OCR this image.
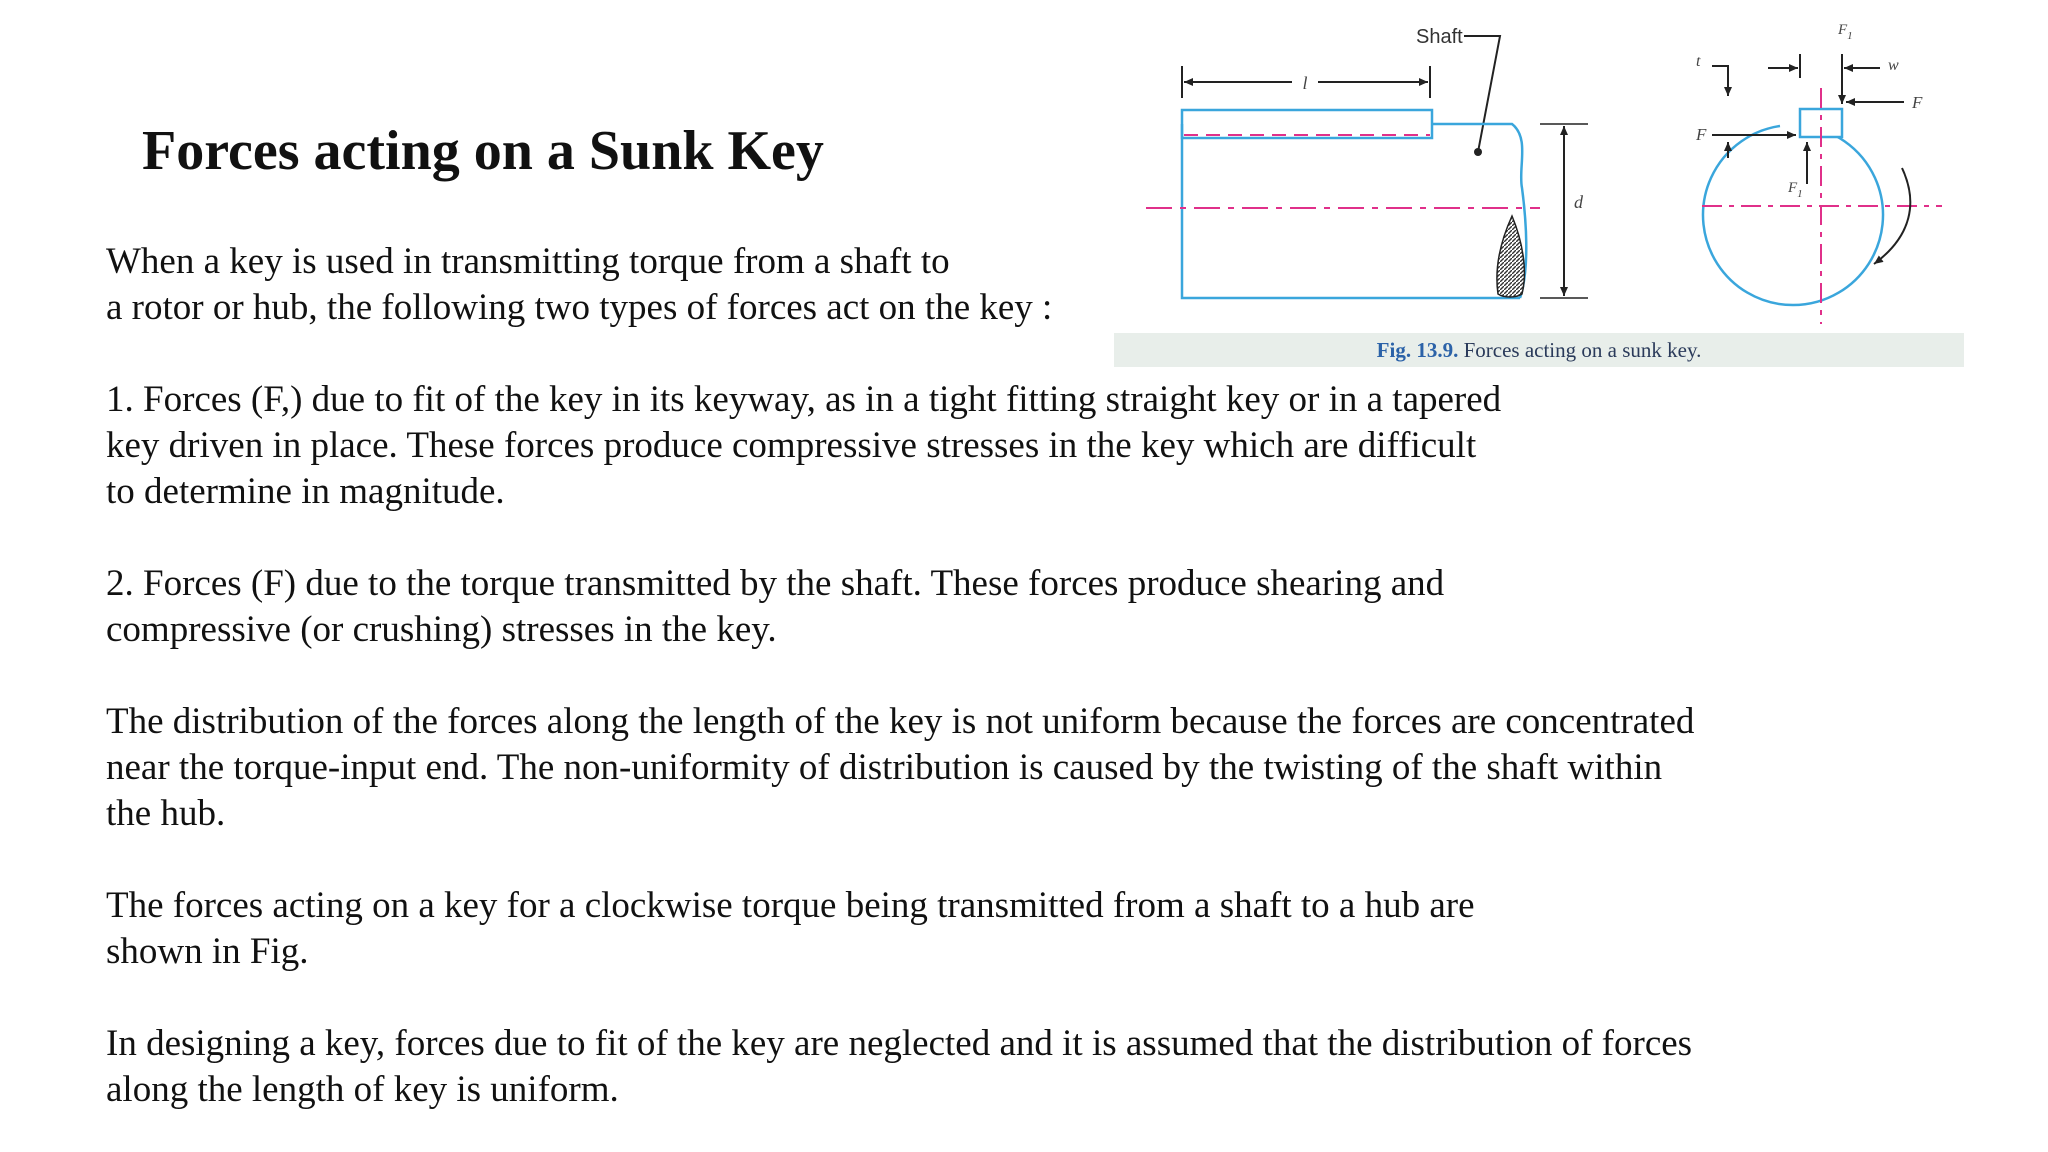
Forces acting on a Sunk Key

When a key is used in transmitting torque from a shaft to
a rotor or hub, the following two types of forces act on the key :

1. Forces (F,) due to fit of the key in its keyway, as in a tight fitting straight key or in a tapered
key driven in place. These forces produce compressive stresses in the key which are difficult
to determine in magnitude.

2. Forces (F) due to the torque transmitted by the shaft. These forces produce shearing and
compressive (or crushing) stresses in the key.

The distribution of the forces along the length of the key is not uniform because the forces are concentrated
near the torque-input end. The non-uniformity of distribution is caused by the twisting of the shaft within
the hub.

The forces acting on a key for a clockwise torque being transmitted from a shaft to a hub are
shown in Fig.

In designing a key, forces due to fit of the key are neglected and it is assumed that the distribution of forces
along the length of key is uniform.

l
Shaft
d
t
$F_1$
w
F
F
$F_1$
Fig. 13.9. Forces acting on a sunk key.
